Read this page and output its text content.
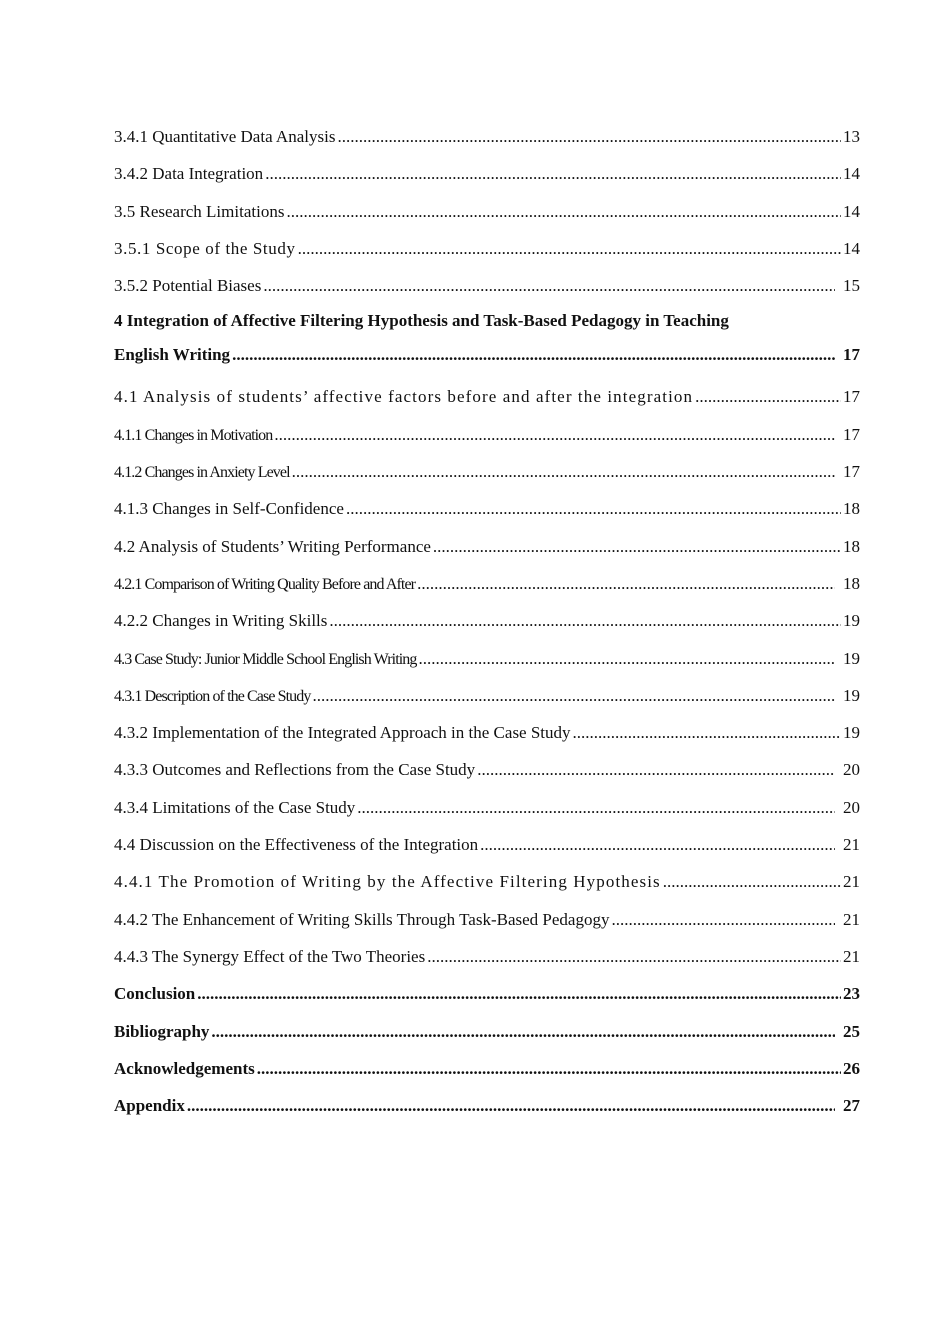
3.4.1 Quantitative Data Analysis .....	13
3.4.2 Data Integration .....	14
3.5 Research Limitations .....	14
3.5.1 Scope of the Study .....	14
3.5.2 Potential Biases .....	15
4 Integration of Affective Filtering Hypothesis and Task-Based Pedagogy in Teaching
English Writing .....	17
4.1 Analysis of students’ affective factors before and after the integration .....	17
4.1.1 Changes in Motivation .....	17
4.1.2 Changes in Anxiety Level .....	17
4.1.3 Changes in Self-Confidence .....	18
4.2 Analysis of Students’ Writing Performance .....	18
4.2.1 Comparison of Writing Quality Before and After .....	18
4.2.2 Changes in Writing Skills .....	19
4.3 Case Study: Junior Middle School English Writing .....	19
4.3.1 Description of the Case Study .....	19
4.3.2 Implementation of the Integrated Approach in the Case Study .....	19
4.3.3 Outcomes and Reflections from the Case Study .....	20
4.3.4 Limitations of the Case Study .....	20
4.4 Discussion on the Effectiveness of the Integration .....	21
4.4.1 The Promotion of Writing by the Affective Filtering Hypothesis .....	21
4.4.2 The Enhancement of Writing Skills Through Task-Based Pedagogy .....	21
4.4.3 The Synergy Effect of the Two Theories .....	21
Conclusion .....	23
Bibliography .....	25
Acknowledgements .....	26
Appendix .....	27
